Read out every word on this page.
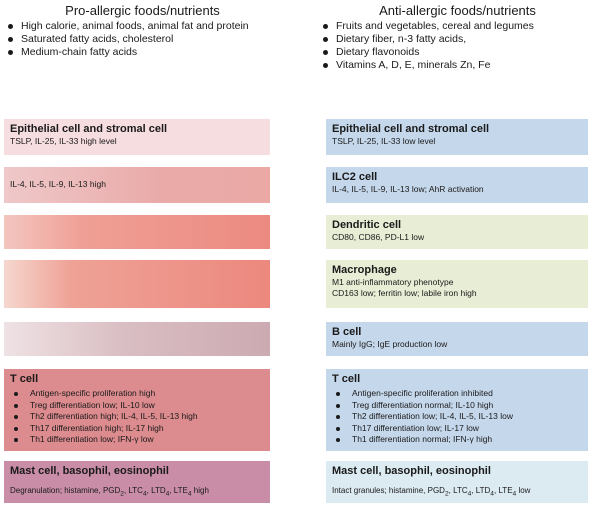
Pro-allergic foods/nutrients	Anti-allergic foods/nutrients
High calorie, animal foods, animal fat and protein
Saturated fatty acids, cholesterol
Medium-chain fatty acids
Fruits and vegetables, cereal and legumes
Dietary fiber, n-3 fatty acids,
Dietary flavonoids
Vitamins A, D, E, minerals Zn, Fe
Epithelial cell and stromal cell
TSLP, IL-25, IL-33 high level
IL-4, IL-5, IL-9, IL-13 high
T cell
Antigen-specific proliferation high
Treg differentiation low; IL-10 low
Th2 differentiation high; IL-4, IL-5, IL-13 high
Th17 differentiation high; IL-17 high
Th1 differentiation low; IFN-γ low
Mast cell, basophil, eosinophil
Degranulation; histamine, $PGD_2$, $LTC_4$, $LTD_4$, $LTE_4$ high
Epithelial cell and stromal cell
TSLP, IL-25, IL-33 low level
ILC2 cell
IL-4, IL-5, IL-9, IL-13 low; AhR activation
Dendritic cell
CD80, CD86, PD-L1 low
Macrophage
M1 anti-inflammatory phenotype
CD163 low; ferritin low; labile iron high
B cell
Mainly IgG; IgE production low
T cell
Antigen-specific proliferation inhibited
Treg differentiation normal; IL-10 high
Th2 differentiation low; IL-4, IL-5, IL-13 low
Th17 differentiation low; IL-17 low
Th1 differentiation normal; IFN-γ high
Mast cell, basophil, eosinophil
Intact granules; histamine, $PGD_2$, $LTC_4$, $LTD_4$, $LTE_4$ low
